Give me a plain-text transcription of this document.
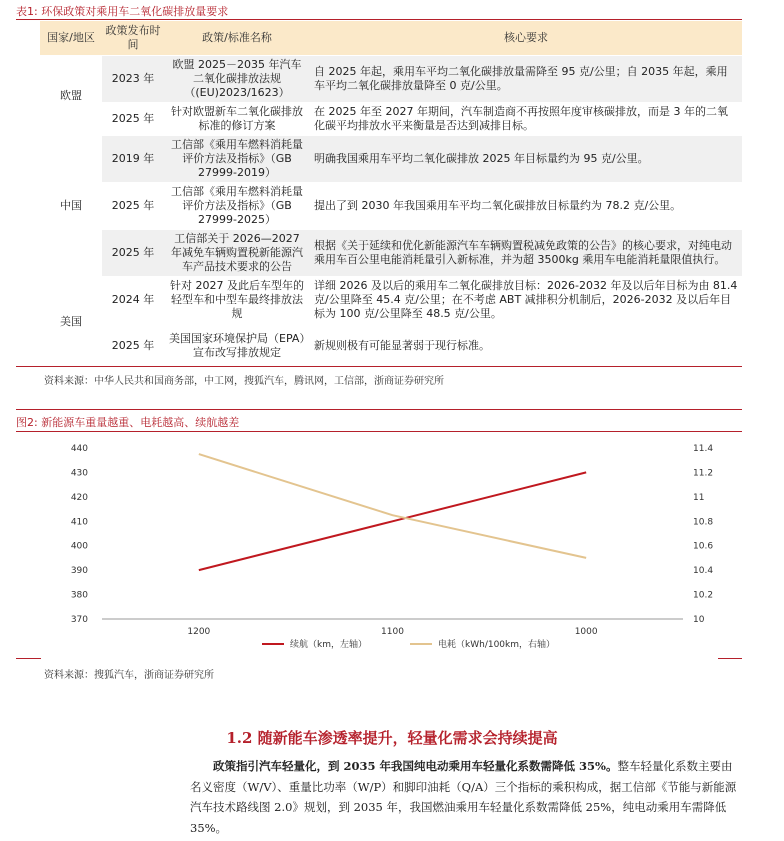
表1: 环保政策对乘用车二氧化碳排放量要求
国家/地区	政策发布时间	政策/标准名称	核心要求
欧盟	2023 年	欧盟 2025－2035 年汽车二氧化碳排放法规（(EU)2023/1623）	自 2025 年起，乘用车平均二氧化碳排放量需降至 95 克/公里；自 2035 年起，乘用车平均二氧化碳排放量降至 0 克/公里。
	2025 年	针对欧盟新车二氧化碳排放标准的修订方案	在 2025 年至 2027 年期间，汽车制造商不再按照年度审核碳排放，而是 3 年的二氧化碳平均排放水平来衡量是否达到减排目标。
中国	2019 年	工信部《乘用车燃料消耗量评价方法及指标》（GB 27999-2019）	明确我国乘用车平均二氧化碳排放 2025 年目标量约为 95 克/公里。
	2025 年	工信部《乘用车燃料消耗量评价方法及指标》（GB 27999-2025）	提出了到 2030 年我国乘用车平均二氧化碳排放目标量约为 78.2 克/公里。
	2025 年	工信部关于 2026—2027 年减免车辆购置税新能源汽车产品技术要求的公告	根据《关于延续和优化新能源汽车车辆购置税减免政策的公告》的核心要求，对纯电动乘用车百公里电能消耗量引入新标准，并为超 3500kg 乘用车电能消耗量限值执行。
美国	2024 年	针对 2027 及此后车型年的轻型车和中型车最终排放法规	详细 2026 及以后的乘用车二氧化碳排放目标：2026-2032 年及以后年目标为由 81.4 克/公里降至 45.4 克/公里；在不考虑 ABT 减排积分机制后，2026-2032 及以后年目标为 100 克/公里降至 48.5 克/公里。
	2025 年	美国国家环境保护局（EPA）宣布改写排放规定	新规则极有可能显著弱于现行标准。
资料来源：中华人民共和国商务部，中工网，搜狐汽车，腾讯网，工信部，浙商证券研究所
图2: 新能源车重量越重、电耗越高、续航越差
440
430
420
410
400
390
380
370
11.4
11.2
11
10.8
10.6
10.4
10.2
10
1200	1100	1000
续航（km，左轴）	电耗（kWh/100km，右轴）
资料来源：搜狐汽车，浙商证券研究所
1.2 随新能车渗透率提升，轻量化需求会持续提高
政策指引汽车轻量化，到 2035 年我国纯电动乘用车轻量化系数需降低 35%。整车轻量化系数主要由名义密度（W/V）、重量比功率（W/P）和脚印油耗（Q/A）三个指标的乘积构成，据工信部《节能与新能源汽车技术路线图 2.0》规划，到 2035 年，我国燃油乘用车轻量化系数需降低 25%，纯电动乘用车需降低 35%。
